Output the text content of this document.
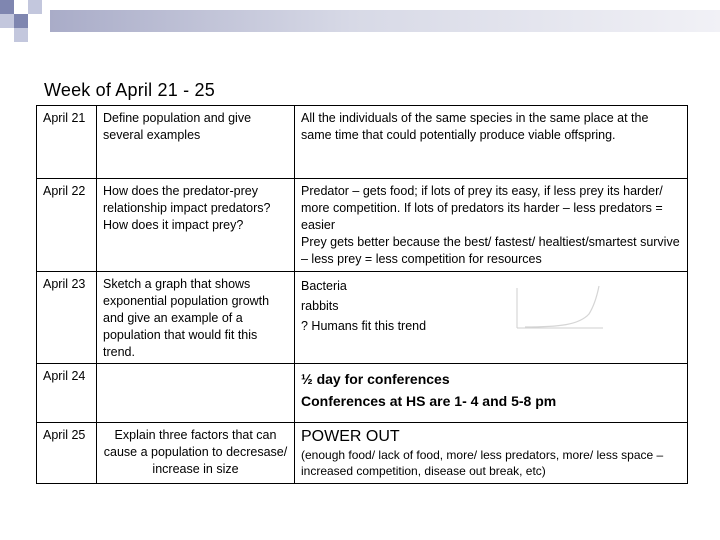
Week of April 21 - 25
April 21	Define population and give several examples	All the individuals of the same species in the same place at the same time that could potentially produce viable offspring.

April 22	How does the predator-prey relationship impact predators? How does it impact prey?	Predator – gets food; if lots of prey its easy, if less prey its harder/ more competition. If lots of predators its harder – less predators = easier
Prey gets better because the best/ fastest/ healtiest/smartest survive – less prey = less competition for resources

April 23	Sketch a graph that shows exponential population growth and give an example of a population that would fit this trend.	Bacteria
rabbits
? Humans fit this trend

April 24		½ day for conferences
Conferences at HS are 1- 4 and 5-8 pm

April 25	Explain three factors that can cause a population to decresase/ increase in size	POWER OUT
(enough food/ lack of food, more/ less predators, more/ less space – increased competition, disease out break, etc)
